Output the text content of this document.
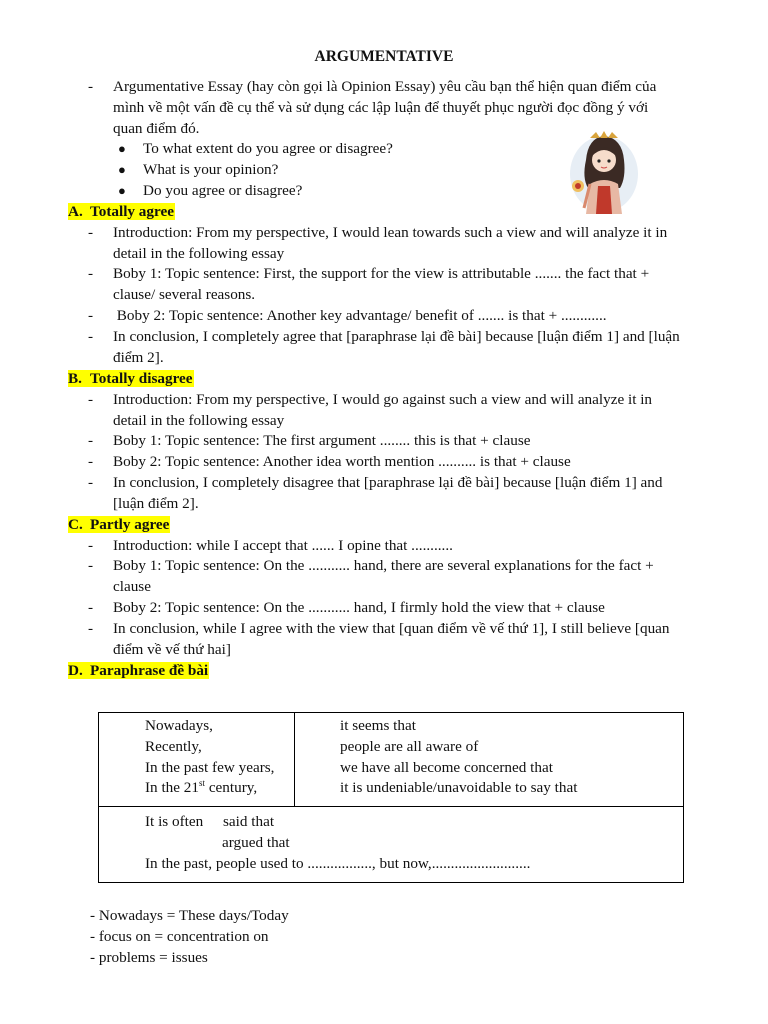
ARGUMENTATIVE
- Argumentative Essay (hay còn gọi là Opinion Essay) yêu cầu bạn thể hiện quan điểm của
mình về một vấn đề cụ thể và sử dụng các lập luận để thuyết phục người đọc đồng ý với
quan điểm đó.
● To what extent do you agree or disagree?
● What is your opinion?
● Do you agree or disagree?
A. Totally agree
- Introduction: From my perspective, I would lean towards such a view and will analyze it in
detail in the following essay
- Boby 1: Topic sentence: First, the support for the view is attributable ....... the fact that +
clause/ several reasons.
- Boby 2: Topic sentence: Another key advantage/ benefit of ....... is that + ............
- In conclusion, I completely agree that [paraphrase lại đề bài] because [luận điểm 1] and [luận
điểm 2].
B. Totally disagree
- Introduction: From my perspective, I would go against such a view and will analyze it in
detail in the following essay
- Boby 1: Topic sentence: The first argument ........ this is that + clause
- Boby 2: Topic sentence: Another idea worth mention .......... is that + clause
- In conclusion, I completely disagree that [paraphrase lại đề bài] because [luận điểm 1] and
[luận điểm 2].
C. Partly agree
- Introduction: while I accept that ...... I opine that ...........
- Boby 1: Topic sentence: On the ........... hand, there are several explanations for the fact +
clause
- Boby 2: Topic sentence: On the ........... hand, I firmly hold the view that + clause
- In conclusion, while I agree with the view that [quan điểm về vế thứ 1], I still believe [quan
điểm về vế thứ hai]
D. Paraphrase đề bài
Nowadays,
Recently,
In the past few years,
In the 21st century,
it seems that
people are all aware of
we have all become concerned that
it is undeniable/unavoidable to say that
It is often said that
argued that
In the past, people used to ................., but now,..........................
- Nowadays = These days/Today
- focus on = concentration on
- problems = issues
